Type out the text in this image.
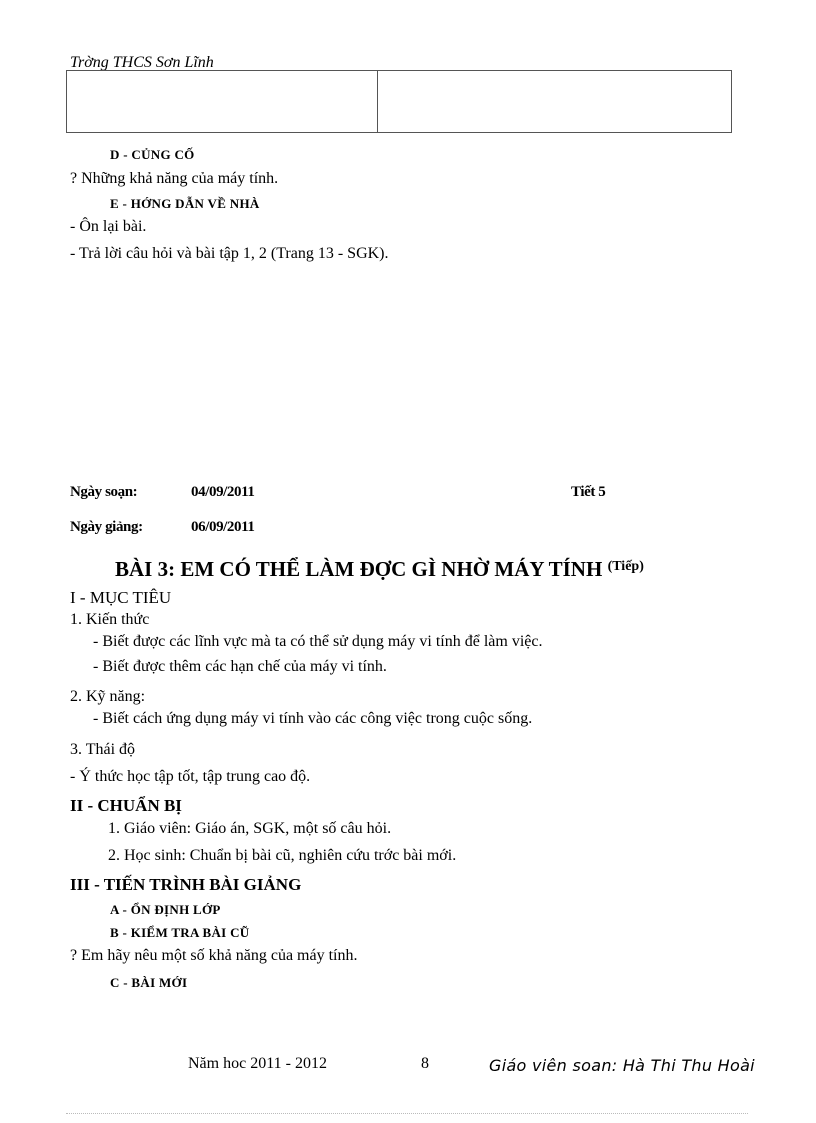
Trờng THCS Sơn Lĩnh
D - CỦNG CỐ
? Những khả năng của máy tính.
E - HỚNG DẪN VỀ NHÀ
- Ôn lại bài.
- Trả lời câu hỏi và bài tập 1, 2 (Trang 13 - SGK).
Ngày soạn:	04/09/2011	Tiết 5
Ngày giảng:	06/09/2011
BÀI 3: EM CÓ THỂ LÀM ĐỢC GÌ NHỜ MÁY TÍNH $^{(Tiếp)}$
I - MỤC TIÊU
1. Kiến thức
- Biết được các lĩnh vực mà ta có thể sử dụng máy vi tính để làm việc.
- Biết được thêm các hạn chế của máy vi tính.
2. Kỹ năng:
- Biết cách ứng dụng máy vi tính vào các công việc trong cuộc sống.
3. Thái độ
- Ý thức học tập tốt, tập trung cao độ.
II - CHUẨN BỊ
1. Giáo viên: Giáo án, SGK, một số câu hỏi.
2. Học sinh: Chuẩn bị bài cũ, nghiên cứu trớc bài mới.
III - TIẾN TRÌNH BÀI GIẢNG
A - ỔN ĐỊNH LỚP
B - KIỂM TRA BÀI CŨ
? Em hãy nêu một số khả năng của máy tính.
C - BÀI MỚI
Năm hoc 2011 - 2012	8	Giáo viên soan: Hà Thi Thu Hoài
